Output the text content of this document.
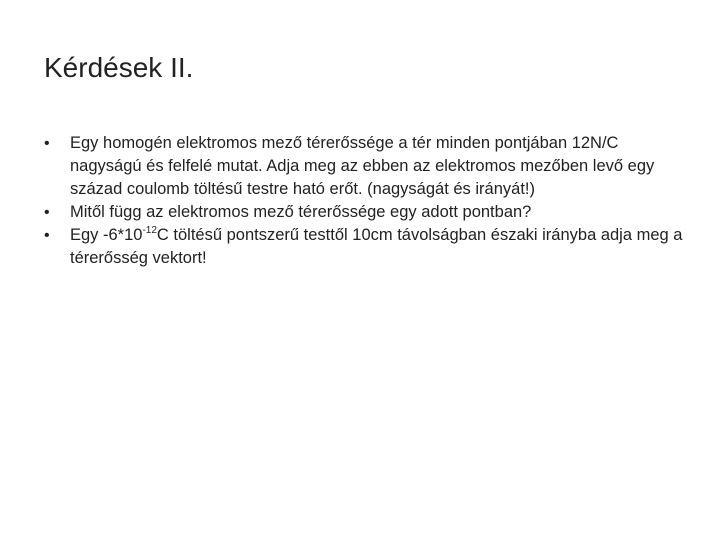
Kérdések II.
•	Egy homogén elektromos mező térerőssége a tér minden pontjában 12N/C nagyságú és felfelé mutat. Adja meg az ebben az elektromos mezőben levő egy század coulomb töltésű testre ható erőt. (nagyságát és irányát!)
•	Mitől függ az elektromos mező térerőssége egy adott pontban?
•	Egy $-6*10^{-12}C$ töltésű pontszerű testtől 10cm távolságban északi irányba adja meg a térerősség vektort!
